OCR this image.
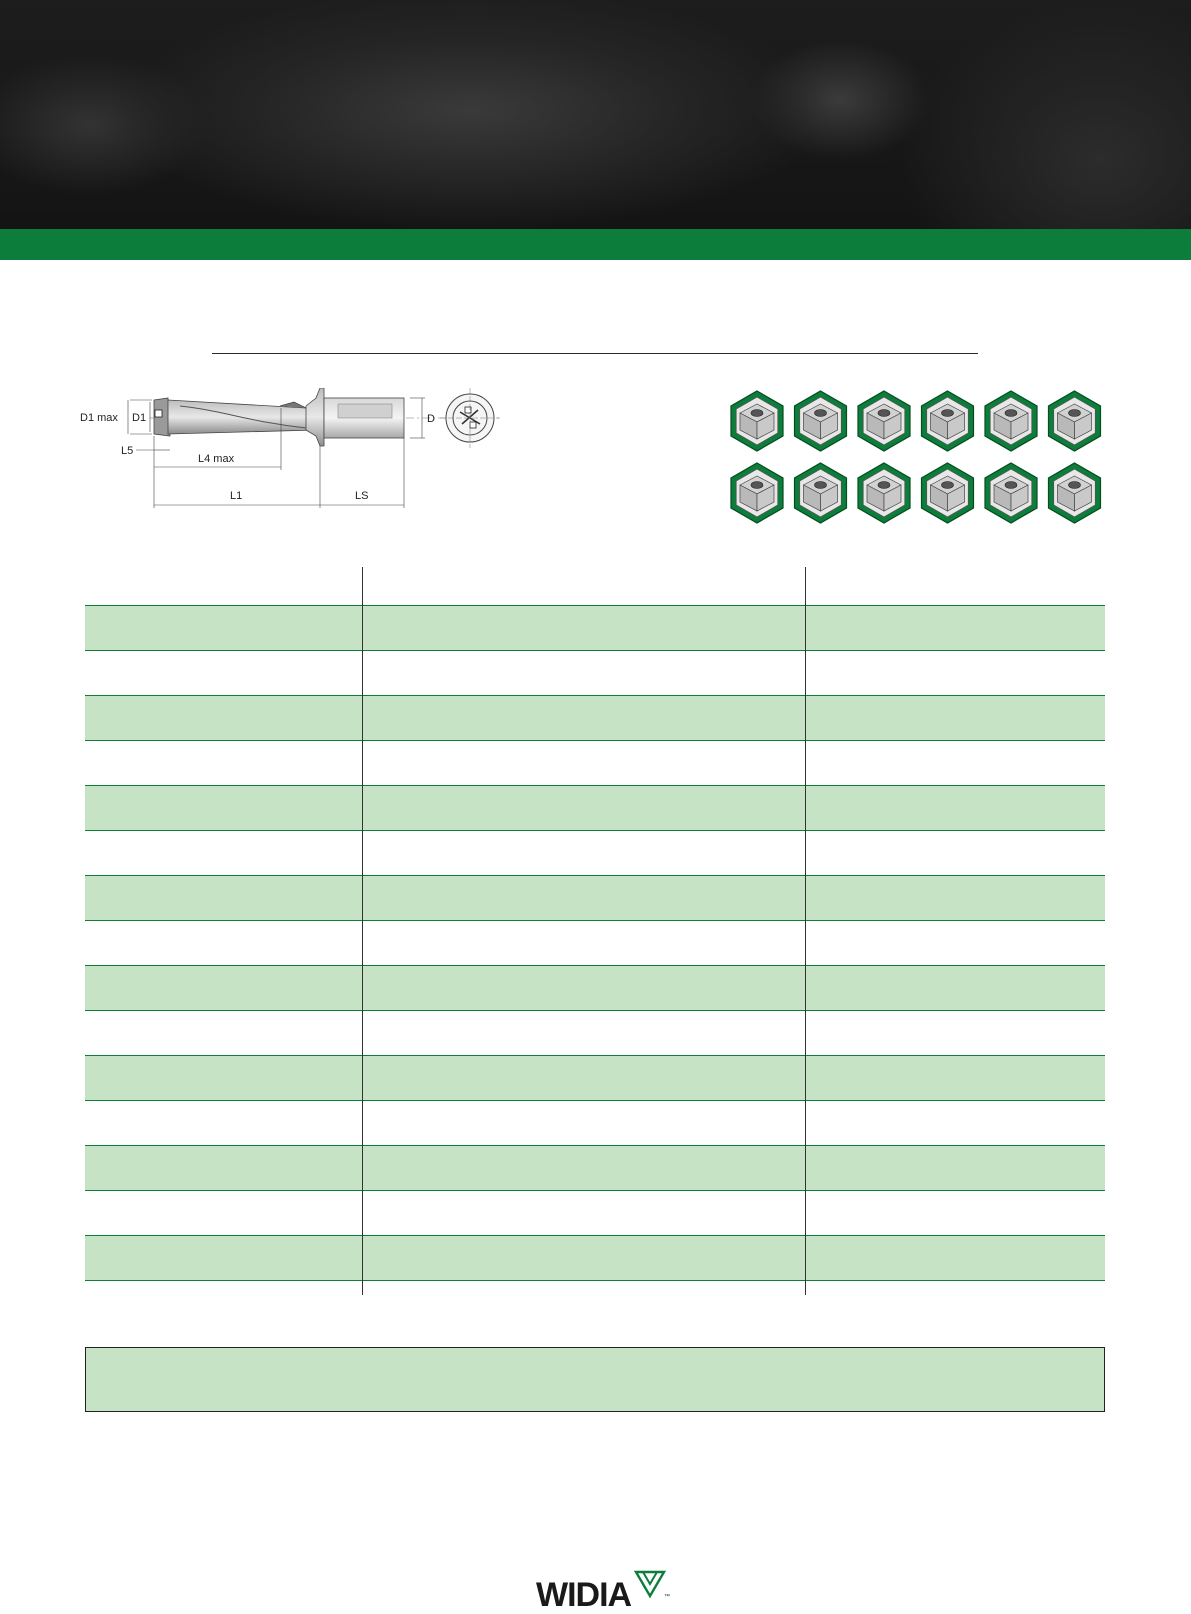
D1 max D1	D
L5
L4 max
L1	LS
WIDIA	™
